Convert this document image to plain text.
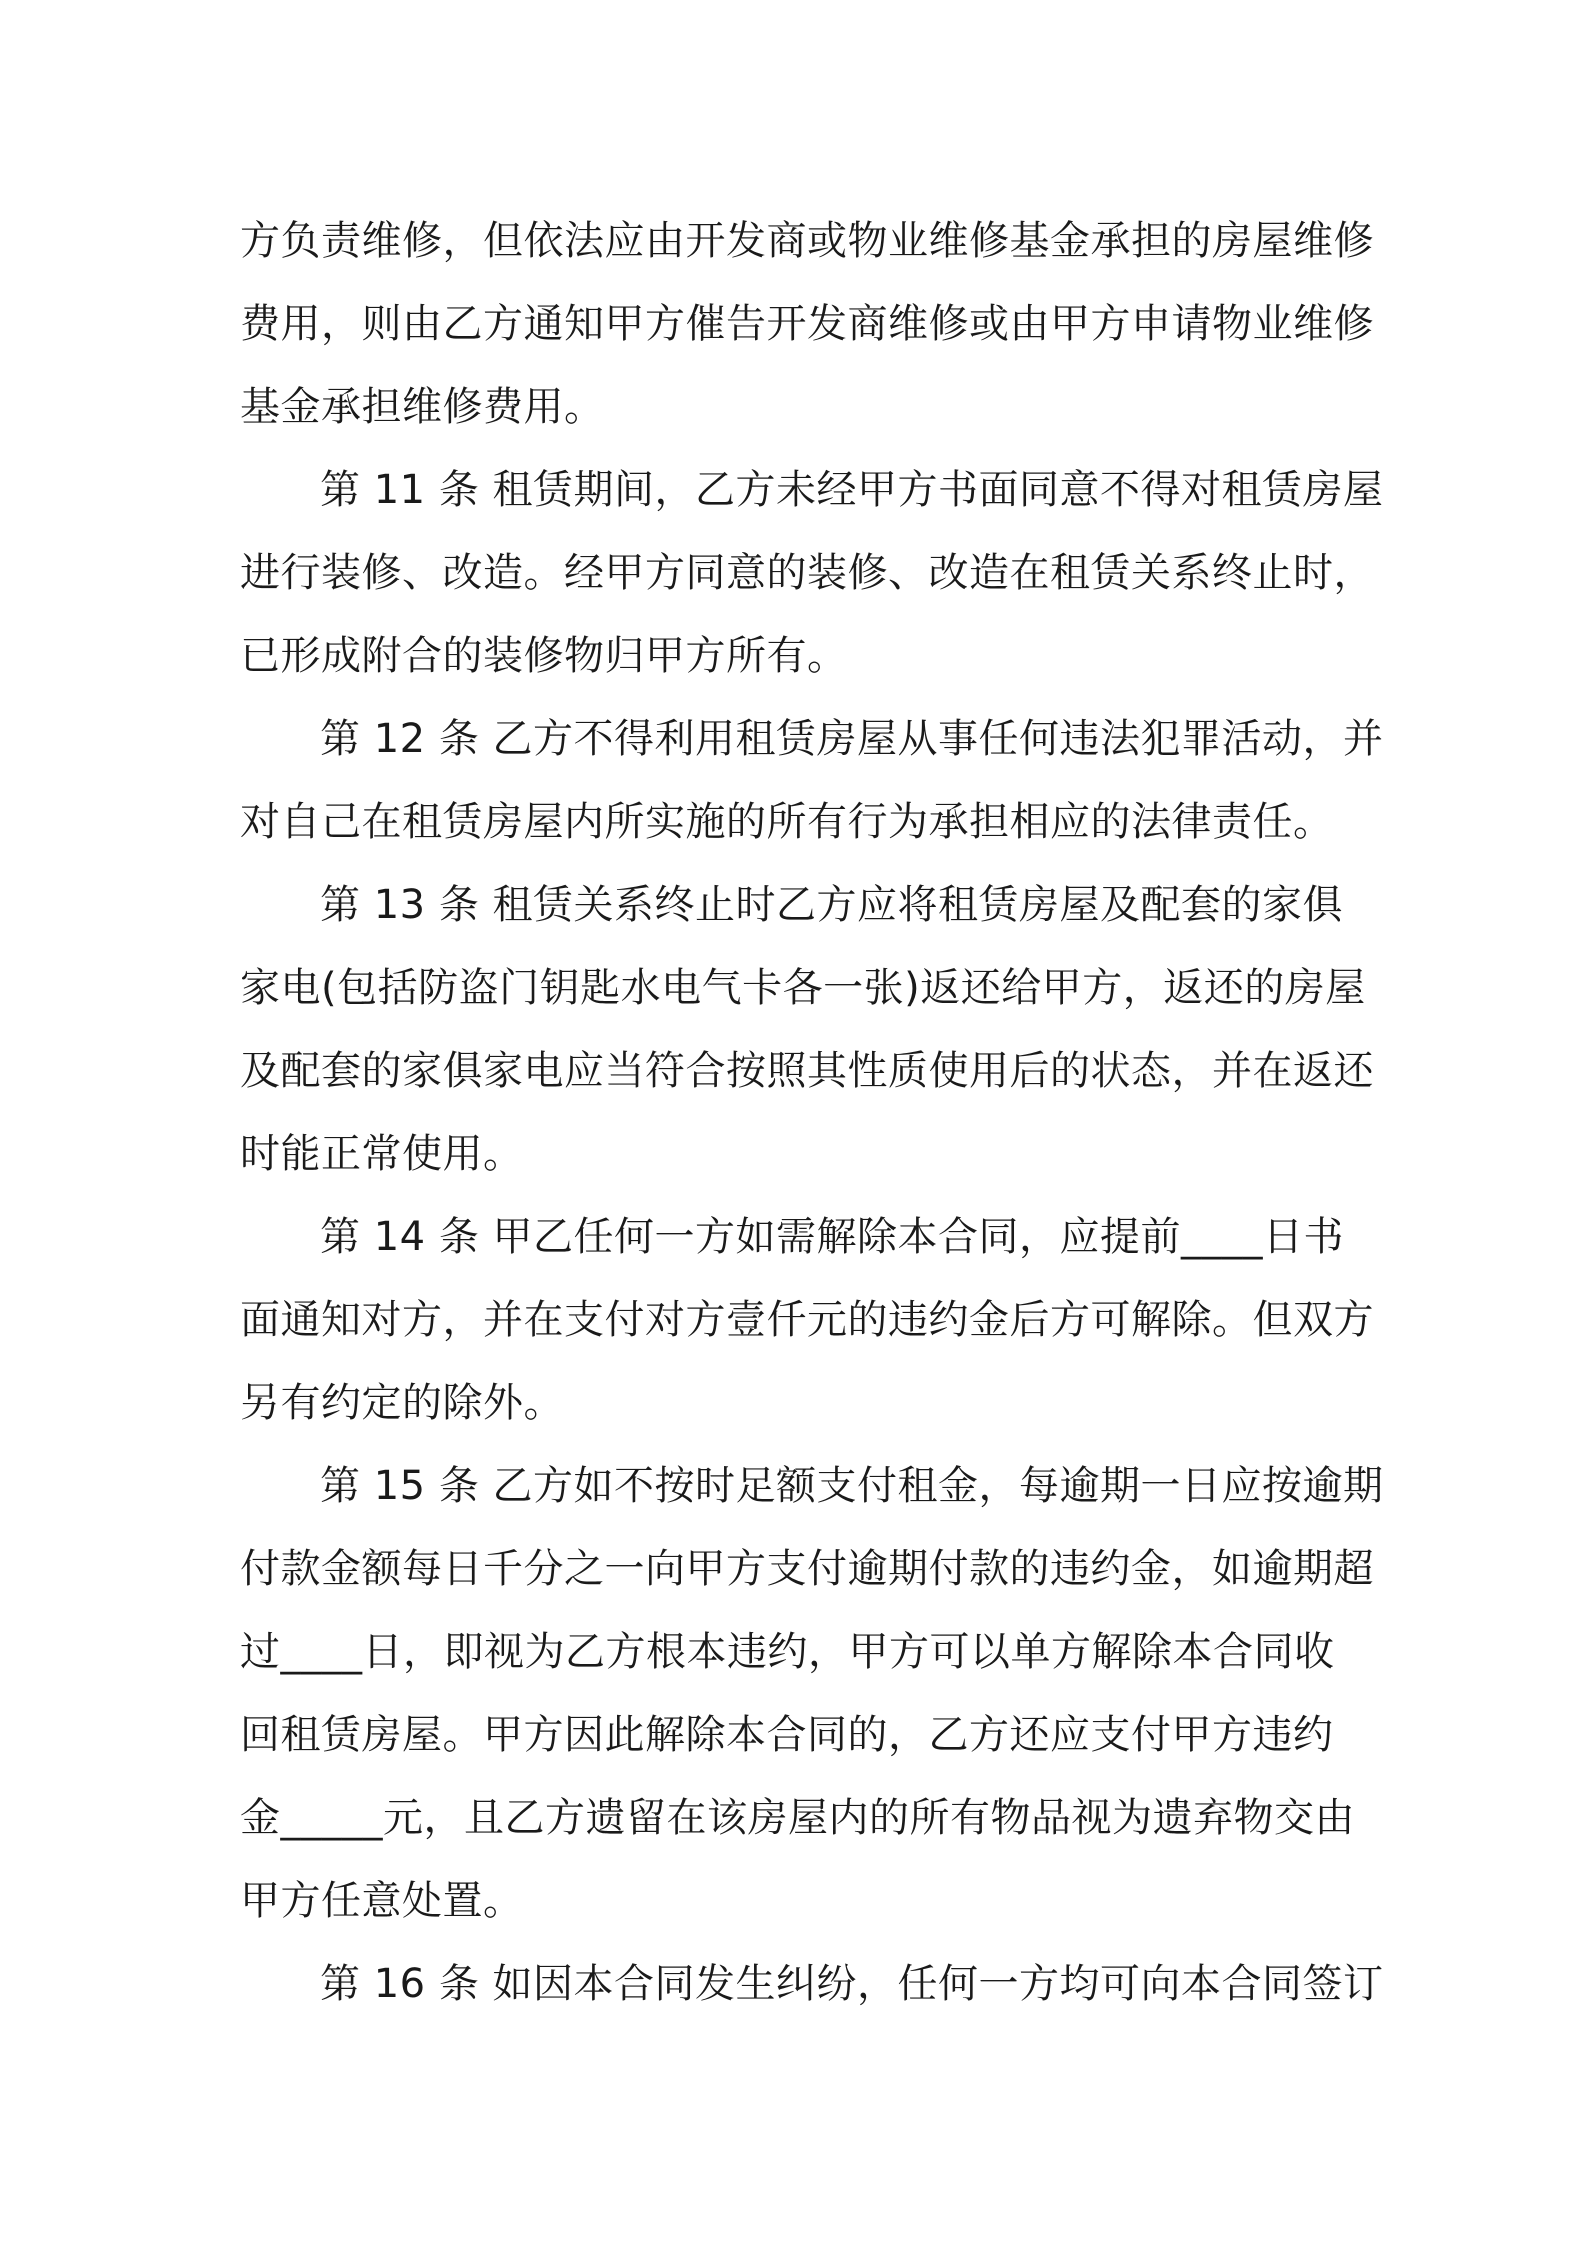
方负责维修，但依法应由开发商或物业维修基金承担的房屋维修
费用，则由乙方通知甲方催告开发商维修或由甲方申请物业维修
基金承担维修费用。
第 11 条 租赁期间，乙方未经甲方书面同意不得对租赁房屋
进行装修、改造。经甲方同意的装修、改造在租赁关系终止时，
已形成附合的装修物归甲方所有。
第 12 条 乙方不得利用租赁房屋从事任何违法犯罪活动，并
对自己在租赁房屋内所实施的所有行为承担相应的法律责任。
第 13 条 租赁关系终止时乙方应将租赁房屋及配套的家俱
家电(包括防盗门钥匙水电气卡各一张)返还给甲方，返还的房屋
及配套的家俱家电应当符合按照其性质使用后的状态，并在返还
时能正常使用。
第 14 条 甲乙任何一方如需解除本合同，应提前____日书
面通知对方，并在支付对方壹仟元的违约金后方可解除。但双方
另有约定的除外。
第 15 条 乙方如不按时足额支付租金，每逾期一日应按逾期
付款金额每日千分之一向甲方支付逾期付款的违约金，如逾期超
过____日，即视为乙方根本违约，甲方可以单方解除本合同收
回租赁房屋。甲方因此解除本合同的，乙方还应支付甲方违约
金_____元，且乙方遗留在该房屋内的所有物品视为遗弃物交由
甲方任意处置。
第 16 条 如因本合同发生纠纷，任何一方均可向本合同签订
